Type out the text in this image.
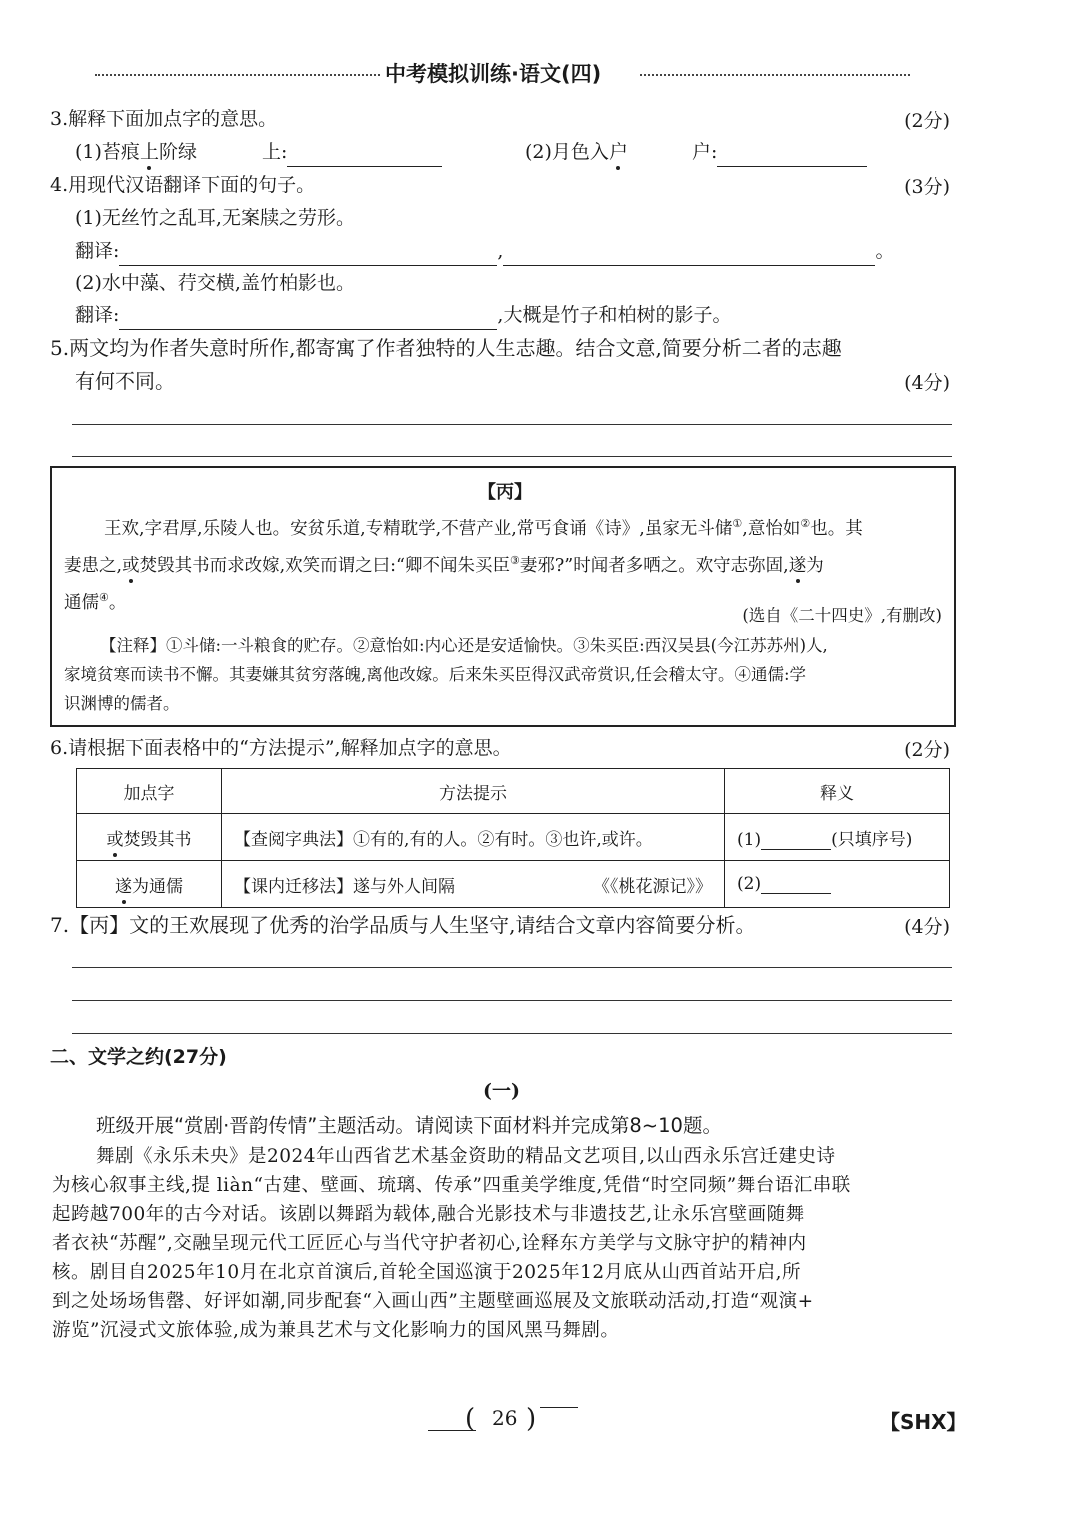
中考模拟训练·语文(四)
3.解释下面加点字的意思。	(2分)
(1)苔痕上阶绿	上:	(2)月色入户	户:
4.用现代汉语翻译下面的句子。	(3分)
(1)无丝竹之乱耳,无案牍之劳形。
翻译:	,	。
(2)水中藻、荇交横,盖竹柏影也。
翻译:	,大概是竹子和柏树的影子。
5.两文均为作者失意时所作,都寄寓了作者独特的人生志趣。结合文意,简要分析二者的志趣
有何不同。	(4分)
【丙】
王欢,字君厚,乐陵人也。安贫乐道,专精耽学,不营产业,常丐食诵《诗》,虽家无斗储①,意怡如②也。其
妻患之,或焚毁其书而求改嫁,欢笑而谓之曰:“卿不闻朱买臣③妻邪?”时闻者多哂之。欢守志弥固,遂为
通儒④。
(选自《二十四史》,有删改)
【注释】①斗储:一斗粮食的贮存。②意怡如:内心还是安适愉快。③朱买臣:西汉吴县(今江苏苏州)人,
家境贫寒而读书不懈。其妻嫌其贫穷落魄,离他改嫁。后来朱买臣得汉武帝赏识,任会稽太守。④通儒:学
识渊博的儒者。
6.请根据下面表格中的“方法提示”,解释加点字的意思。	(2分)
加点字	方法提示	释义
或焚毁其书	【查阅字典法】①有的,有的人。②有时。③也许,或许。	(1) (只填序号)
遂为通儒	【课内迁移法】遂与外人间隔 《《桃花源记》》	(2)
7.【丙】文的王欢展现了优秀的治学品质与人生坚守,请结合文章内容简要分析。	(4分)
二、文学之约(27分)
(一)
班级开展“赏剧·晋韵传情”主题活动。请阅读下面材料并完成第8~10题。
舞剧《永乐未央》是2024年山西省艺术基金资助的精品文艺项目,以山西永乐宫迁建史诗
为核心叙事主线,提 liàn“古建、壁画、琉璃、传承”四重美学维度,凭借“时空同频”舞台语汇串联
起跨越700年的古今对话。该剧以舞蹈为载体,融合光影技术与非遗技艺,让永乐宫壁画随舞
者衣袂“苏醒”,交融呈现元代工匠匠心与当代守护者初心,诠释东方美学与文脉守护的精神内
核。剧目自2025年10月在北京首演后,首轮全国巡演于2025年12月底从山西首站开启,所
到之处场场售罄、好评如潮,同步配套“入画山西”主题壁画巡展及文旅联动活动,打造“观演+
游览”沉浸式文旅体验,成为兼具艺术与文化影响力的国风黑马舞剧。
( 26 )	【SHX】
